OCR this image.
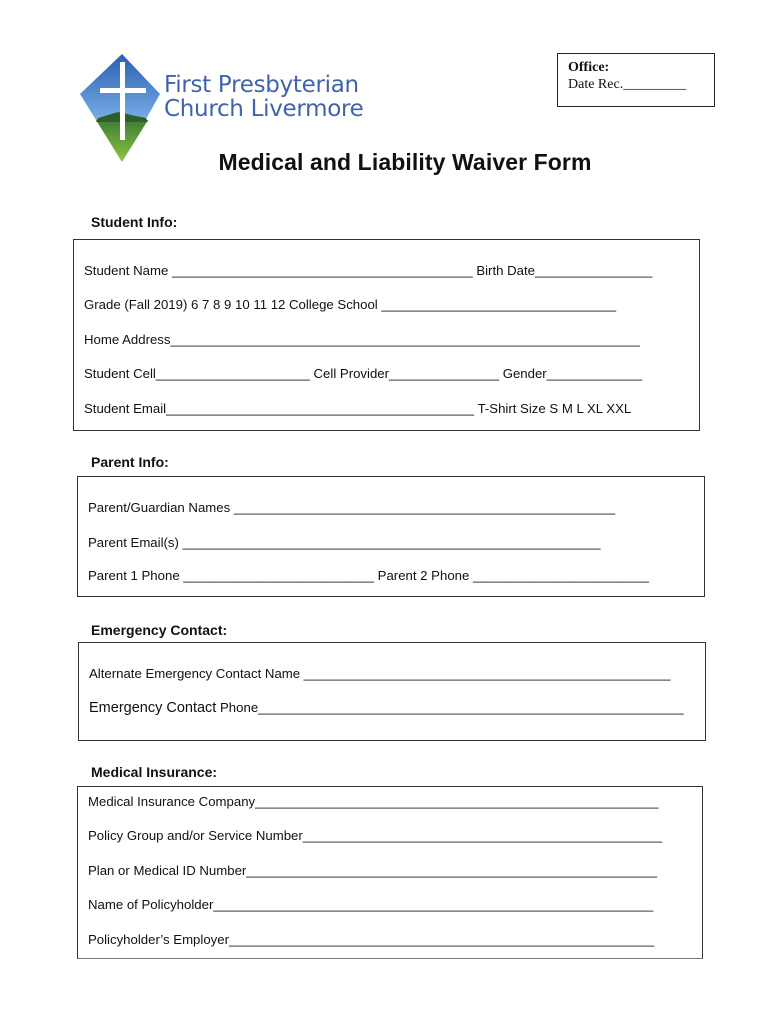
First Presbyterian
Church Livermore
Office:
Date Rec._________
Medical and Liability Waiver Form
Student Info:
Student Name _________________________________________ Birth Date________________
Grade (Fall 2019) 6 7 8 9 10 11 12 College School ________________________________
Home Address________________________________________________________________
Student Cell_____________________ Cell Provider_______________ Gender_____________
Student Email__________________________________________ T-Shirt Size S M L XL XXL
Parent Info:
Parent/Guardian Names ____________________________________________________
Parent Email(s) _________________________________________________________
Parent 1 Phone __________________________ Parent 2 Phone ________________________
Emergency Contact:
Alternate Emergency Contact Name __________________________________________________
Emergency Contact Phone__________________________________________________________
Medical Insurance:
Medical Insurance Company_______________________________________________________
Policy Group and/or Service Number_________________________________________________
Plan or Medical ID Number________________________________________________________
Name of Policyholder____________________________________________________________
Policyholder’s Employer__________________________________________________________
